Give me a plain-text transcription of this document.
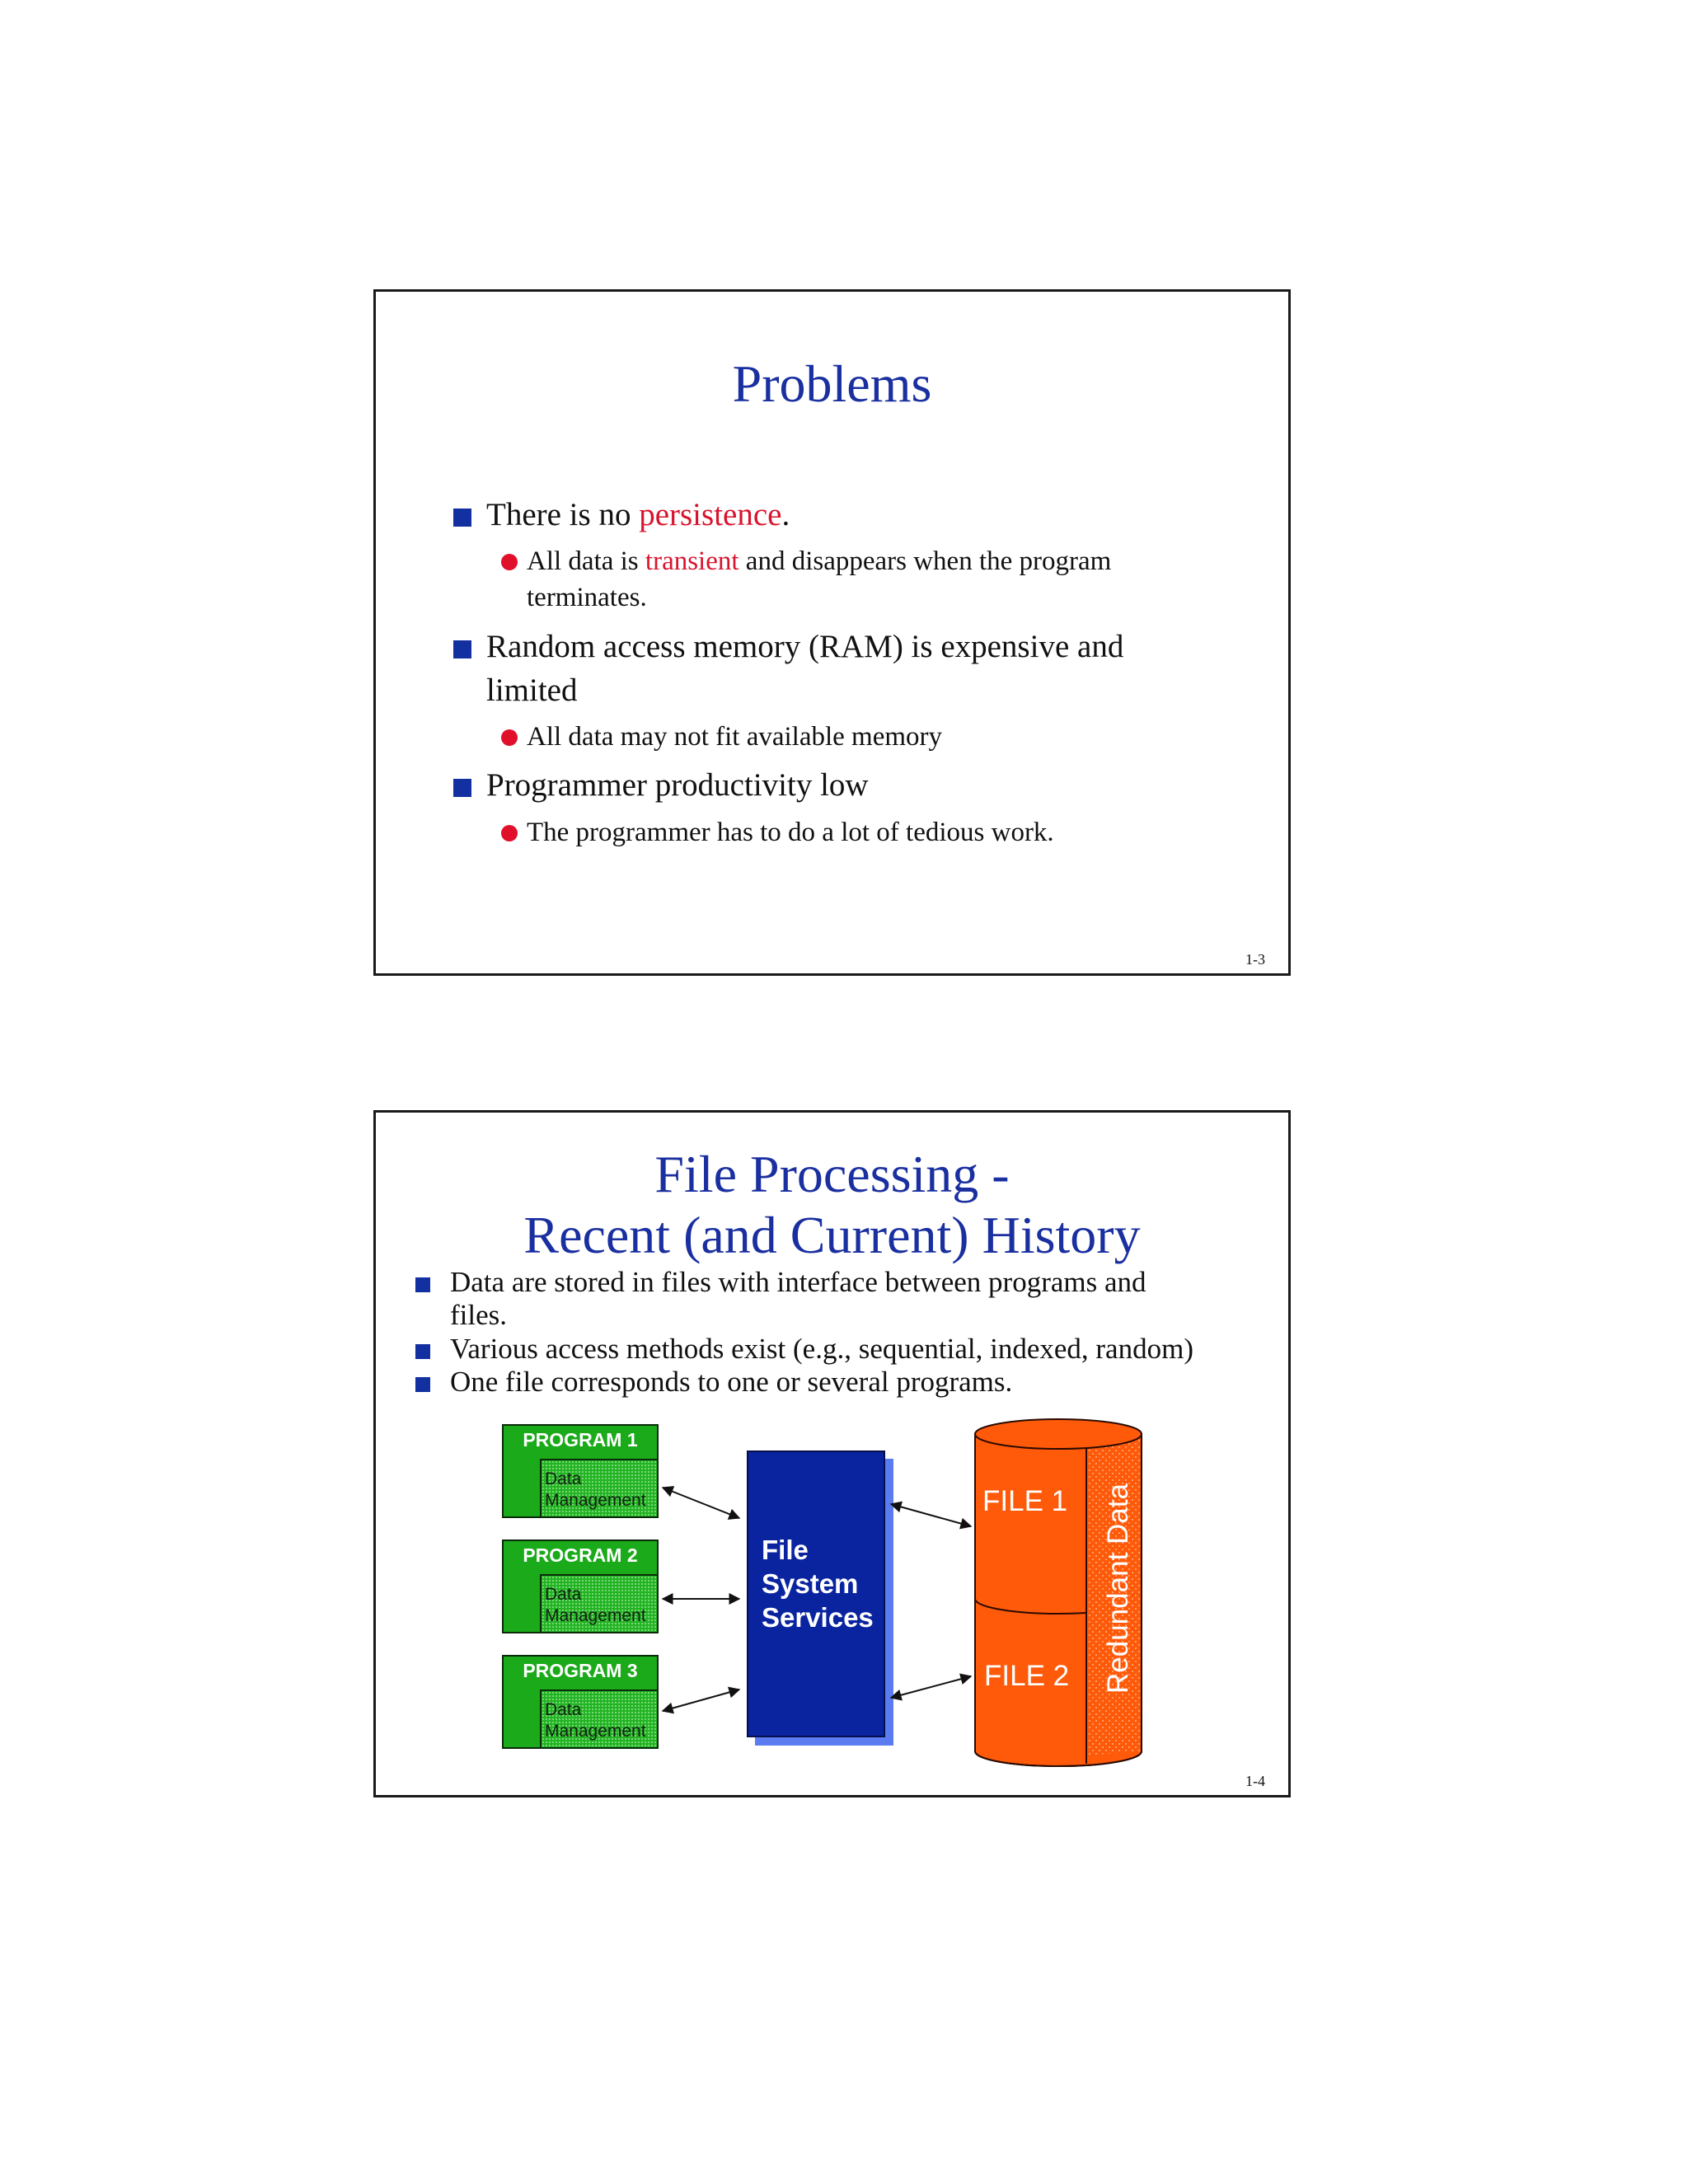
Problems
There is no persistence.
All data is transient and disappears when the program
terminates.
Random access memory (RAM) is expensive and
limited
All data may not fit available memory
Programmer productivity low
The programmer has to do a lot of tedious work.
1-3
File Processing -
Recent (and Current) History
Data are stored in files with interface between programs and
files.
Various access methods exist (e.g., sequential, indexed, random)
One file corresponds to one or several programs.
PROGRAM 1
Data
Management
PROGRAM 2
Data
Management
PROGRAM 3
Data
Management
File
System
Services
FILE 1
FILE 2 Redundant Data
1-4
